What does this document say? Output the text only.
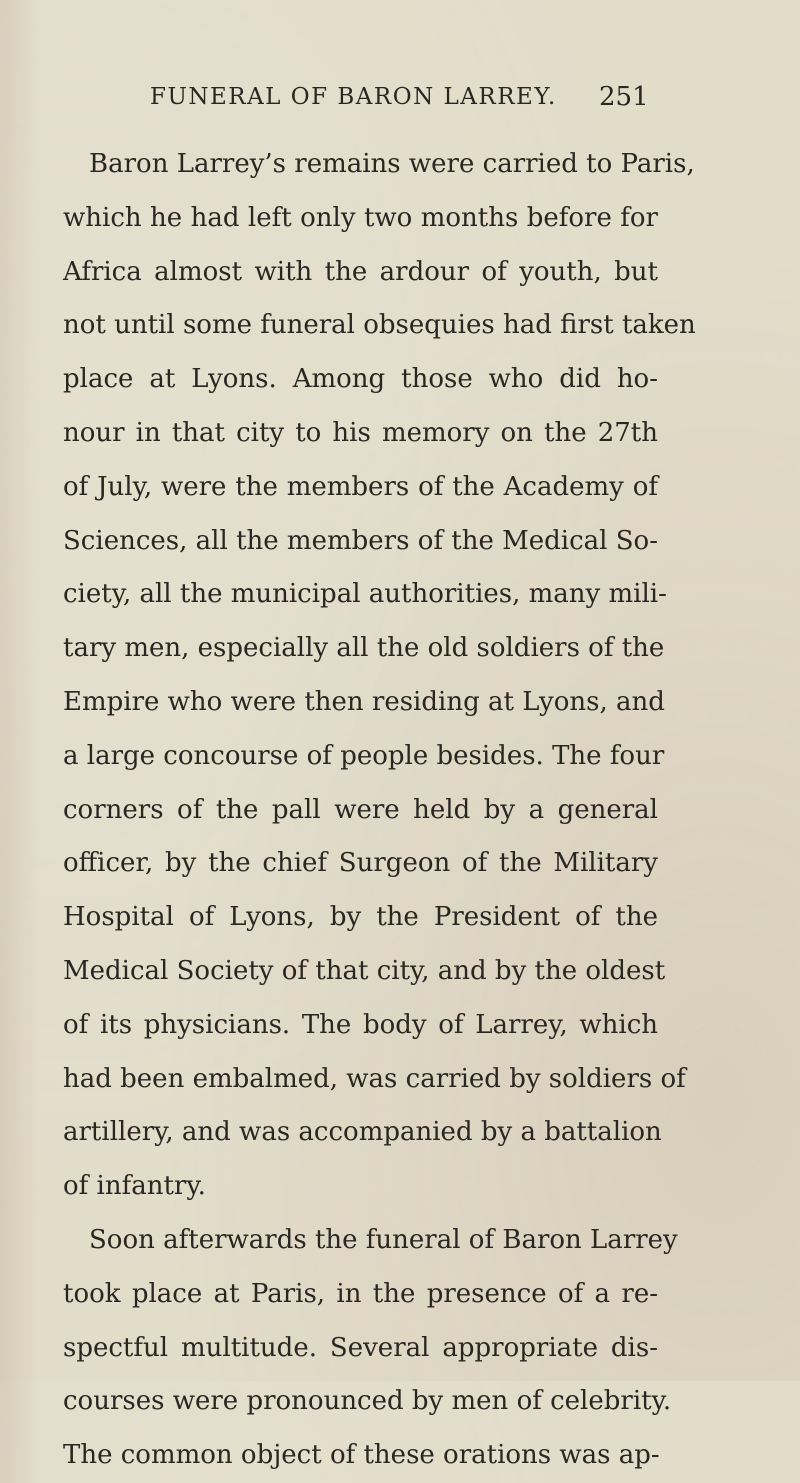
FUNERAL OF BARON LARREY. 251
Baron Larrey’s remains were carried to Paris,
which he had left only two months before for
Africa almost with the ardour of youth, but
not until some funeral obsequies had first taken
place at Lyons. Among those who did ho-
nour in that city to his memory on the 27th
of July, were the members of the Academy of
Sciences, all the members of the Medical So-
ciety, all the municipal authorities, many mili-
tary men, especially all the old soldiers of the
Empire who were then residing at Lyons, and
a large concourse of people besides. The four
corners of the pall were held by a general
officer, by the chief Surgeon of the Military
Hospital of Lyons, by the President of the
Medical Society of that city, and by the oldest
of its physicians. The body of Larrey, which
had been embalmed, was carried by soldiers of
artillery, and was accompanied by a battalion
of infantry.
Soon afterwards the funeral of Baron Larrey
took place at Paris, in the presence of a re-
spectful multitude. Several appropriate dis-
courses were pronounced by men of celebrity.
The common object of these orations was ap-
